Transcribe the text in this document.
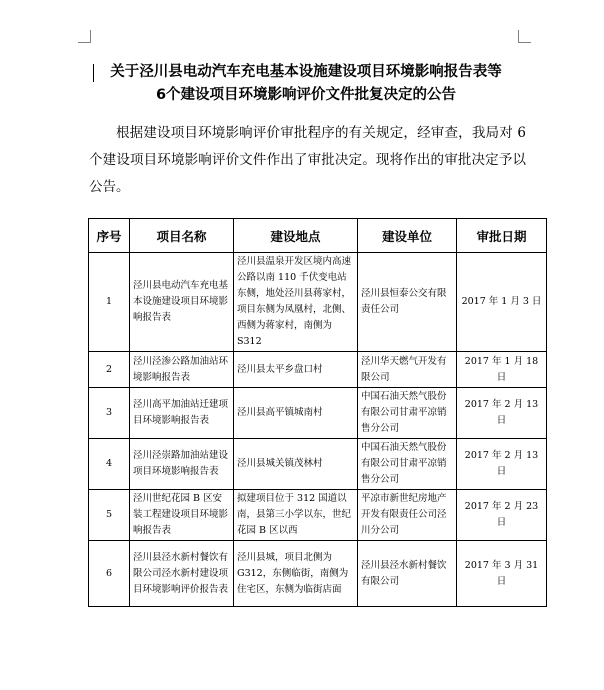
关于泾川县电动汽车充电基本设施建设项目环境影响报告表等
6个建设项目环境影响评价文件批复决定的公告
根据建设项目环境影响评价审批程序的有关规定，经审查，我局对 6 个建设项目环境影响评价文件作出了审批决定。现将作出的审批决定予以公告。
序号	项目名称	建设地点	建设单位	审批日期
1	泾川县电动汽车充电基本设施建设项目环境影响报告表	泾川县温泉开发区境内高速公路以南 110 千伏变电站东侧，地处泾川县蒋家村，项目东侧为凤凰村，北侧、西侧为蒋家村，南侧为 S312	泾川县恒泰公交有限责任公司	2017 年 1 月 3 日
2	泾川泾渗公路加油站环境影响报告表	泾川县太平乡盘口村	泾川华天燃气开发有限公司	2017 年 1 月 18 日
3	泾川高平加油站迁建项目环境影响报告表	泾川县高平镇城南村	中国石油天然气股份有限公司甘肃平凉销售分公司	2017 年 2 月 13 日
4	泾川泾崇路加油站建设项目环境影响报告表	泾川县城关镇茂林村	中国石油天然气股份有限公司甘肃平凉销售分公司	2017 年 2 月 13 日
5	泾川世纪花园 B 区安装工程建设项目环境影响报告表	拟建项目位于 312 国道以南，县第三小学以东，世纪花园 B 区以西	平凉市新世纪房地产开发有限责任公司泾川分公司	2017 年 2 月 23 日
6	泾川县泾水新村餐饮有限公司泾水新村建设项目环境影响评价报告表	泾川县城，项目北侧为 G312，东侧临街，南侧为住宅区，东侧为临街店面	泾川县泾水新村餐饮有限公司	2017 年 3 月 31 日
